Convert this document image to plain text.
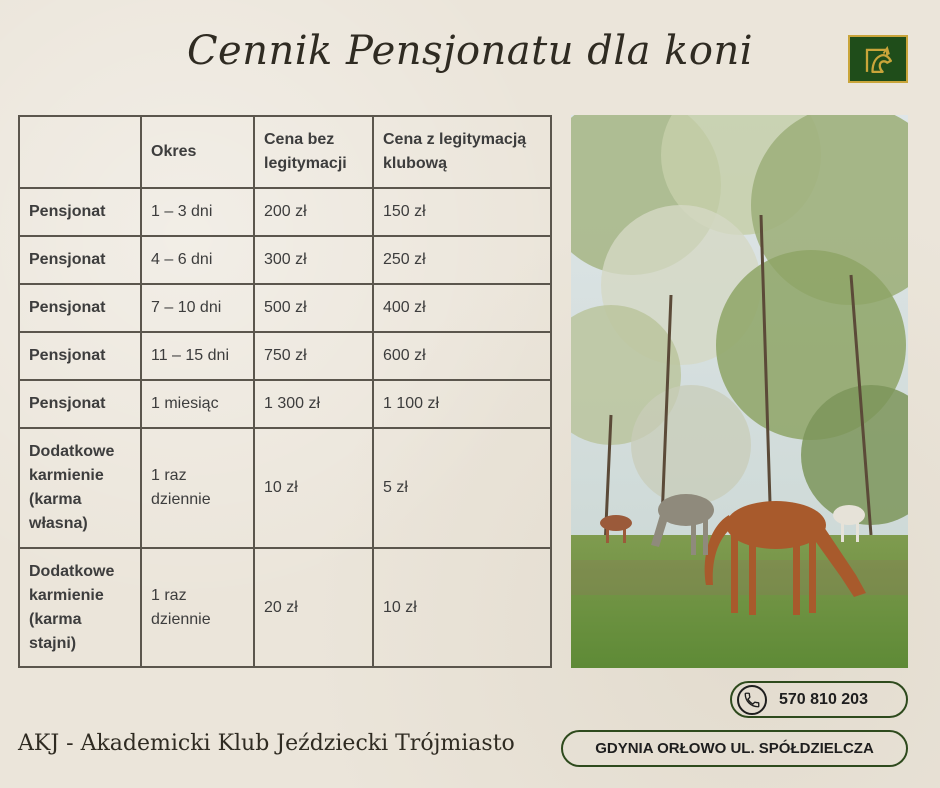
Cennik Pensjonatu dla koni
	Okres	Cena bez legitymacji	Cena z legitymacją klubową
Pensjonat	1 – 3 dni	200 zł	150 zł
Pensjonat	4 – 6 dni	300 zł	250 zł
Pensjonat	7 – 10 dni	500 zł	400 zł
Pensjonat	11 – 15 dni	750 zł	600 zł
Pensjonat	1 miesiąc	1 300 zł	1 100 zł
Dodatkowe karmienie (karma własna)	1 raz dziennie	10 zł	5 zł
Dodatkowe karmienie (karma stajni)	1 raz dziennie	20 zł	10 zł
570 810 203
GDYNIA ORŁOWO UL. SPÓŁDZIELCZA
AKJ - Akademicki Klub Jeździecki Trójmiasto
